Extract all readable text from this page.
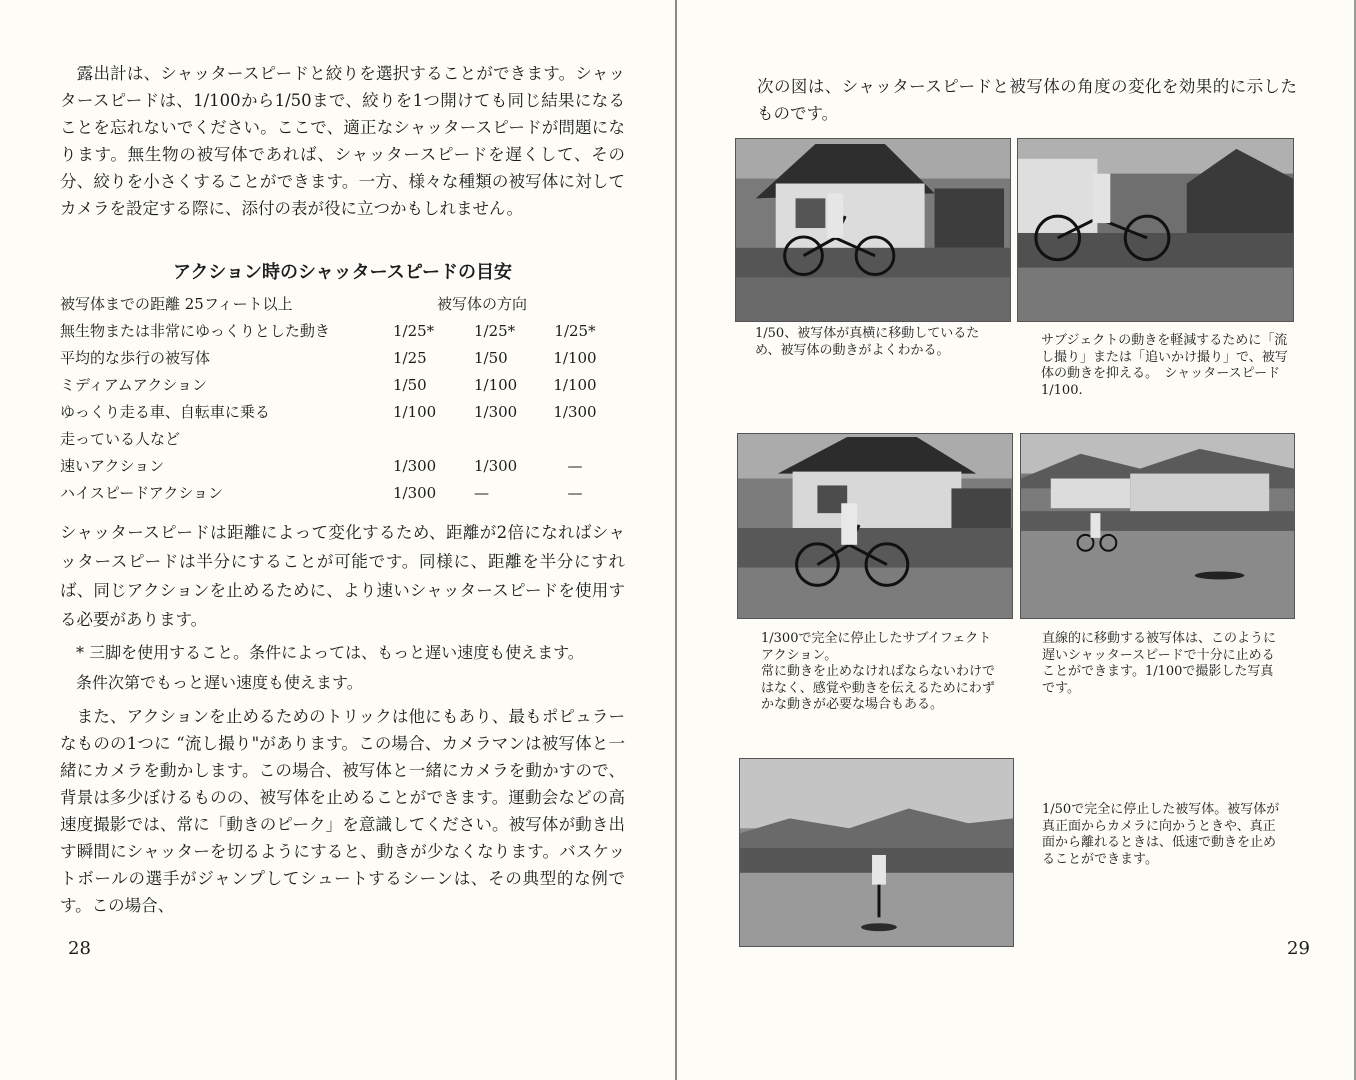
　露出計は、シャッタースピードと絞りを選択することができます。シャッタースピードは、1/100から1/50まで、絞りを1つ開けても同じ結果になることを忘れないでください。ここで、適正なシャッタースピードが問題になります。無生物の被写体であれば、シャッタースピードを遅くして、その分、絞りを小さくすることができます。一方、様々な種類の被写体に対してカメラを設定する際に、添付の表が役に立つかもしれません。

アクション時のシャッタースピードの目安
被写体までの距離 25フィート以上	被写体の方向		
無生物または非常にゆっくりとした動き	1/25*	1/25*	1/25*
平均的な歩行の被写体	1/25	1/50	1/100
ミディアムアクション	1/50	1/100	1/100
ゆっくり走る車、自転車に乗る	1/100	1/300	1/300
走っている人など			
速いアクション	1/300	1/300	—
ハイスピードアクション	1/300	—	—

シャッタースピードは距離によって変化するため、距離が2倍になればシャッタースピードは半分にすることが可能です。同様に、距離を半分にすれば、同じアクションを止めるために、より速いシャッタースピードを使用する必要があります。

* 三脚を使用すること。条件によっては、もっと遅い速度も使えます。

条件次第でもっと遅い速度も使えます。

　また、アクションを止めるためのトリックは他にもあり、最もポピュラーなものの1つに “流し撮り"があります。この場合、カメラマンは被写体と一緒にカメラを動かします。この場合、被写体と一緒にカメラを動かすので、背景は多少ぼけるものの、被写体を止めることができます。運動会などの高速度撮影では、常に「動きのピーク」を意識してください。被写体が動き出す瞬間にシャッターを切るようにすると、動きが少なくなります。バスケットボールの選手がジャンプしてシュートするシーンは、その典型的な例です。この場合、

28

次の図は、シャッタースピードと被写体の角度の変化を効果的に示したものです。

1/50、被写体が真横に移動しているため、被写体の動きがよくわかる。

サブジェクトの動きを軽減するために「流し撮り」または「追いかけ撮り」で、被写体の動きを抑える。　シャッタースピード 1/100.

1/300で完全に停止したサブイフェクトアクション。
常に動きを止めなければならないわけではなく、感覚や動きを伝えるためにわずかな動きが必要な場合もある。

直線的に移動する被写体は、このように遅いシャッタースピードで十分に止めることができます。1/100で撮影した写真です。

1/50で完全に停止した被写体。被写体が真正面からカメラに向かうときや、真正面から離れるときは、低速で動きを止めることができます。

29
